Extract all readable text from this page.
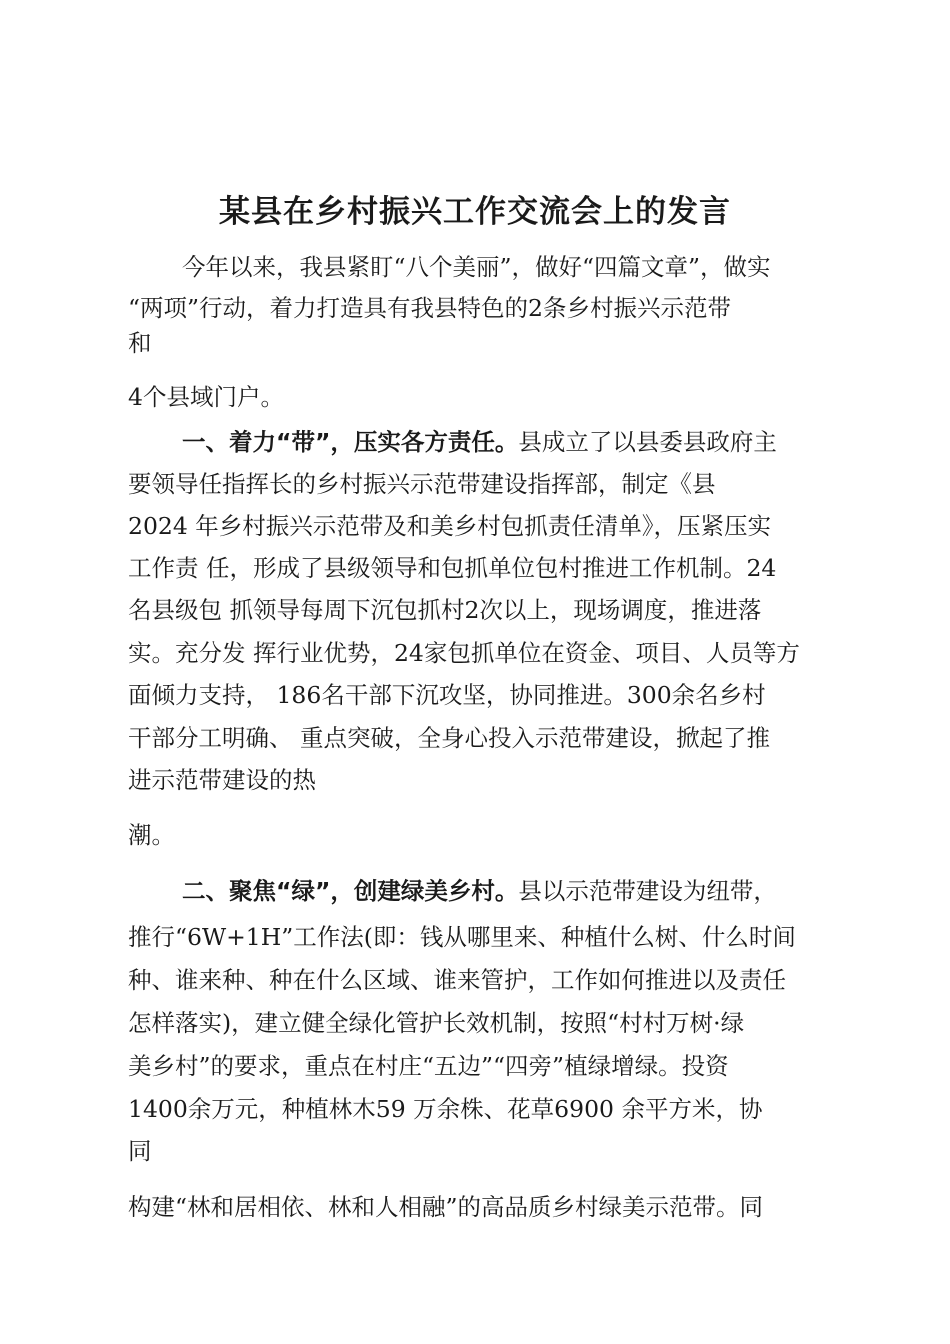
某县在乡村振兴工作交流会上的发言

今年以来，我县紧盯“八个美丽”，做好“四篇文章”，做实

“两项”行动，着力打造具有我县特色的2条乡村振兴示范带

和

4个县域门户。

一、着力“带”，压实各方责任。县成立了以县委县政府主

要领导任指挥长的乡村振兴示范带建设指挥部，制定《县

2024 年乡村振兴示范带及和美乡村包抓责任清单》，压紧压实

工作责 任，形成了县级领导和包抓单位包村推进工作机制。24

名县级包 抓领导每周下沉包抓村2次以上，现场调度，推进落

实。充分发 挥行业优势，24家包抓单位在资金、项目、人员等方

面倾力支持， 186名干部下沉攻坚，协同推进。300余名乡村

干部分工明确、 重点突破，全身心投入示范带建设，掀起了推

进示范带建设的热

潮。

二、聚焦“绿”，创建绿美乡村。县以示范带建设为纽带，

推行“6W+1H”工作法(即：钱从哪里来、种植什么树、什么时间

种、谁来种、种在什么区域、谁来管护，工作如何推进以及责任

怎样落实)，建立健全绿化管护长效机制，按照“村村万树·绿

美乡村”的要求，重点在村庄“五边”“四旁”植绿增绿。投资

1400余万元，种植林木59 万余株、花草6900 余平方米，协

同

构建“林和居相依、林和人相融”的高品质乡村绿美示范带。同
